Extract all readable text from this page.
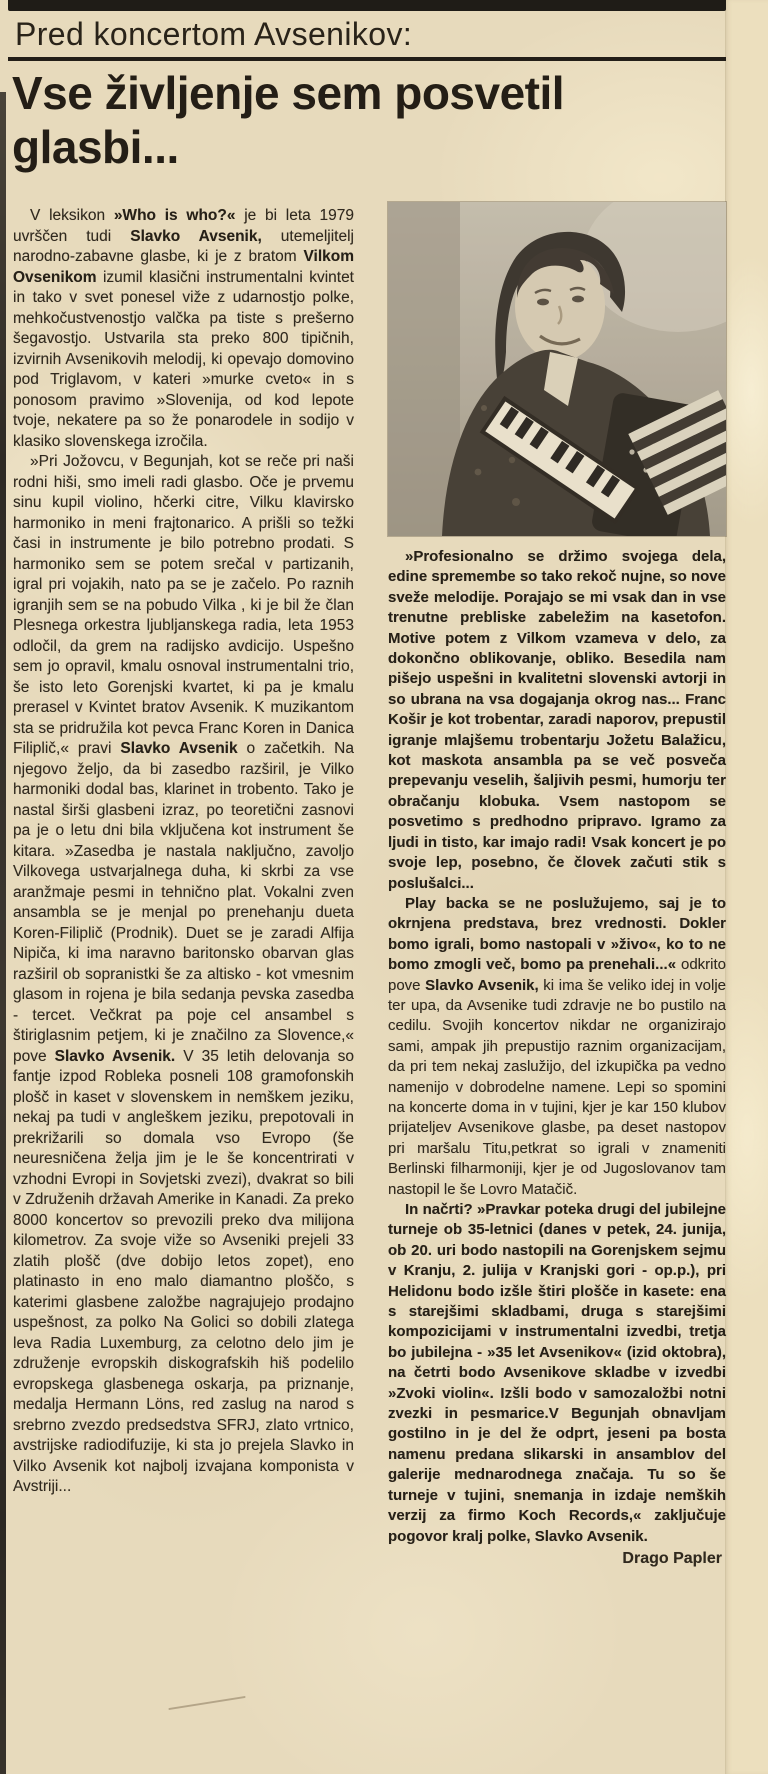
Pred koncertom Avsenikov:
Vse življenje sem posvetil
glasbi...

V leksikon »Who is who?« je bi leta 1979 uvrščen tudi Slavko Avsenik, utemeljitelj narodno-zabavne glasbe, ki je z bratom Vilkom Ovsenikom izumil klasični instrumentalni kvintet in tako v svet ponesel viže z udarnostjo polke, mehkočustvenostjo valčka pa tiste s prešerno šegavostjo. Ustvarila sta preko 800 tipičnih, izvirnih Avsenikovih melodij, ki opevajo domovino pod Triglavom, v kateri »murke cveto« in s ponosom pravimo »Slovenija, od kod lepote tvoje, nekatere pa so že ponarodele in sodijo v klasiko slovenskega izročila.

»Pri Jožovcu, v Begunjah, kot se reče pri naši rodni hiši, smo imeli radi glasbo. Oče je prvemu sinu kupil violino, hčerki citre, Vilku klavirsko harmoniko in meni frajtonarico. A prišli so težki časi in instrumente je bilo potrebno prodati. S harmoniko sem se potem srečal v partizanih, igral pri vojakih, nato pa se je začelo. Po raznih igranjih sem se na pobudo Vilka , ki je bil že član Plesnega orkestra ljubljanskega radia, leta 1953 odločil, da grem na radijsko avdicijo. Uspešno sem jo opravil, kmalu osnoval instrumentalni trio, še isto leto Gorenjski kvartet, ki pa je kmalu prerasel v Kvintet bratov Avsenik. K muzikantom sta se pridružila kot pevca Franc Koren in Danica Filiplič,« pravi Slavko Avsenik o začetkih. Na njegovo željo, da bi zasedbo razširil, je Vilko harmoniki dodal bas, klarinet in trobento. Tako je nastal širši glasbeni izraz, po teoretični zasnovi pa je o letu dni bila vključena kot instrument še kitara. »Zasedba je nastala naključno, zavoljo Vilkovega ustvarjalnega duha, ki skrbi za vse aranžmaje pesmi in tehnično plat. Vokalni zven ansambla se je menjal po prenehanju dueta Koren-Filiplič (Prodnik). Duet se je zaradi Alfija Nipiča, ki ima naravno baritonsko obarvan glas razširil ob sopranistki še za altisko - kot vmesnim glasom in rojena je bila sedanja pevska zasedba - tercet. Večkrat pa poje cel ansambel s štiriglasnim petjem, ki je značilno za Slovence,« pove Slavko Avsenik. V 35 letih delovanja so fantje izpod Robleka posneli 108 gramofonskih plošč in kaset v slovenskem in nemškem jeziku, nekaj pa tudi v angleškem jeziku, prepotovali in prekrižarili so domala vso Evropo (še neuresničena želja jim je le še koncentrirati v vzhodni Evropi in Sovjetski zvezi), dvakrat so bili v Združenih državah Amerike in Kanadi. Za preko 8000 koncertov so prevozili preko dva milijona kilometrov. Za svoje viže so Avseniki prejeli 33 zlatih plošč (dve dobijo letos zopet), eno platinasto in eno malo diamantno ploščo, s katerimi glasbene založbe nagrajujejo prodajno uspešnost, za polko Na Golici so dobili zlatega leva Radia Luxemburg, za celotno delo jim je združenje evropskih diskografskih hiš podelilo evropskega glasbenega oskarja, pa priznanje, medalja Hermann Löns, red zaslug na narod s srebrno zvezdo predsedstva SFRJ, zlato vrtnico, avstrijske radiodifuzije, ki sta jo prejela Slavko in Vilko Avsenik kot najbolj izvajana komponista v Avstriji...

»Profesionalno se držimo svojega dela, edine spremembe so tako rekoč nujne, so nove sveže melodije. Porajajo se mi vsak dan in vse trenutne prebliske zabeležim na kasetofon. Motive potem z Vilkom vzameva v delo, za dokončno oblikovanje, obliko. Besedila nam pišejo uspešni in kvalitetni slovenski avtorji in so ubrana na vsa dogajanja okrog nas... Franc Košir je kot trobentar, zaradi naporov, prepustil igranje mlajšemu trobentarju Jožetu Balažicu, kot maskota ansambla pa se več posveča prepevanju veselih, šaljivih pesmi, humorju ter obračanju klobuka. Vsem nastopom se posvetimo s predhodno pripravo. Igramo za ljudi in tisto, kar imajo radi! Vsak koncert je po svoje lep, posebno, če človek začuti stik s poslušalci...

Play backa se ne poslužujemo, saj je to okrnjena predstava, brez vrednosti. Dokler bomo igrali, bomo nastopali v »živo«, ko to ne bomo zmogli več, bomo pa prenehali...« odkrito pove Slavko Avsenik, ki ima še veliko idej in volje ter upa, da Avsenike tudi zdravje ne bo pustilo na cedilu. Svojih koncertov nikdar ne organizirajo sami, ampak jih prepustijo raznim organizacijam, da pri tem nekaj zaslužijo, del izkupička pa vedno namenijo v dobrodelne namene. Lepi so spomini na koncerte doma in v tujini, kjer je kar 150 klubov prijateljev Avsenikove glasbe, pa deset nastopov pri maršalu Titu,petkrat so igrali v znameniti Berlinski filharmoniji, kjer je od Jugoslovanov tam nastopil le še Lovro Matačič.

In načrti? »Pravkar poteka drugi del jubilejne turneje ob 35-letnici (danes v petek, 24. junija, ob 20. uri bodo nastopili na Gorenjskem sejmu v Kranju, 2. julija v Kranjski gori - op.p.), pri Helidonu bodo izšle štiri plošče in kasete: ena s starejšimi skladbami, druga s starejšimi kompozicijami v instrumentalni izvedbi, tretja bo jubilejna - »35 let Avsenikov« (izid oktobra), na četrti bodo Avsenikove skladbe v izvedbi »Zvoki violin«. Izšli bodo v samozaložbi notni zvezki in pesmarice.V Begunjah obnavljam gostilno in je del že odprt, jeseni pa bosta namenu predana slikarski in ansamblov del galerije mednarodnega značaja. Tu so še turneje v tujini, snemanja in izdaje nemških verzij za firmo Koch Records,« zaključuje pogovor kralj polke, Slavko Avsenik.

Drago Papler
